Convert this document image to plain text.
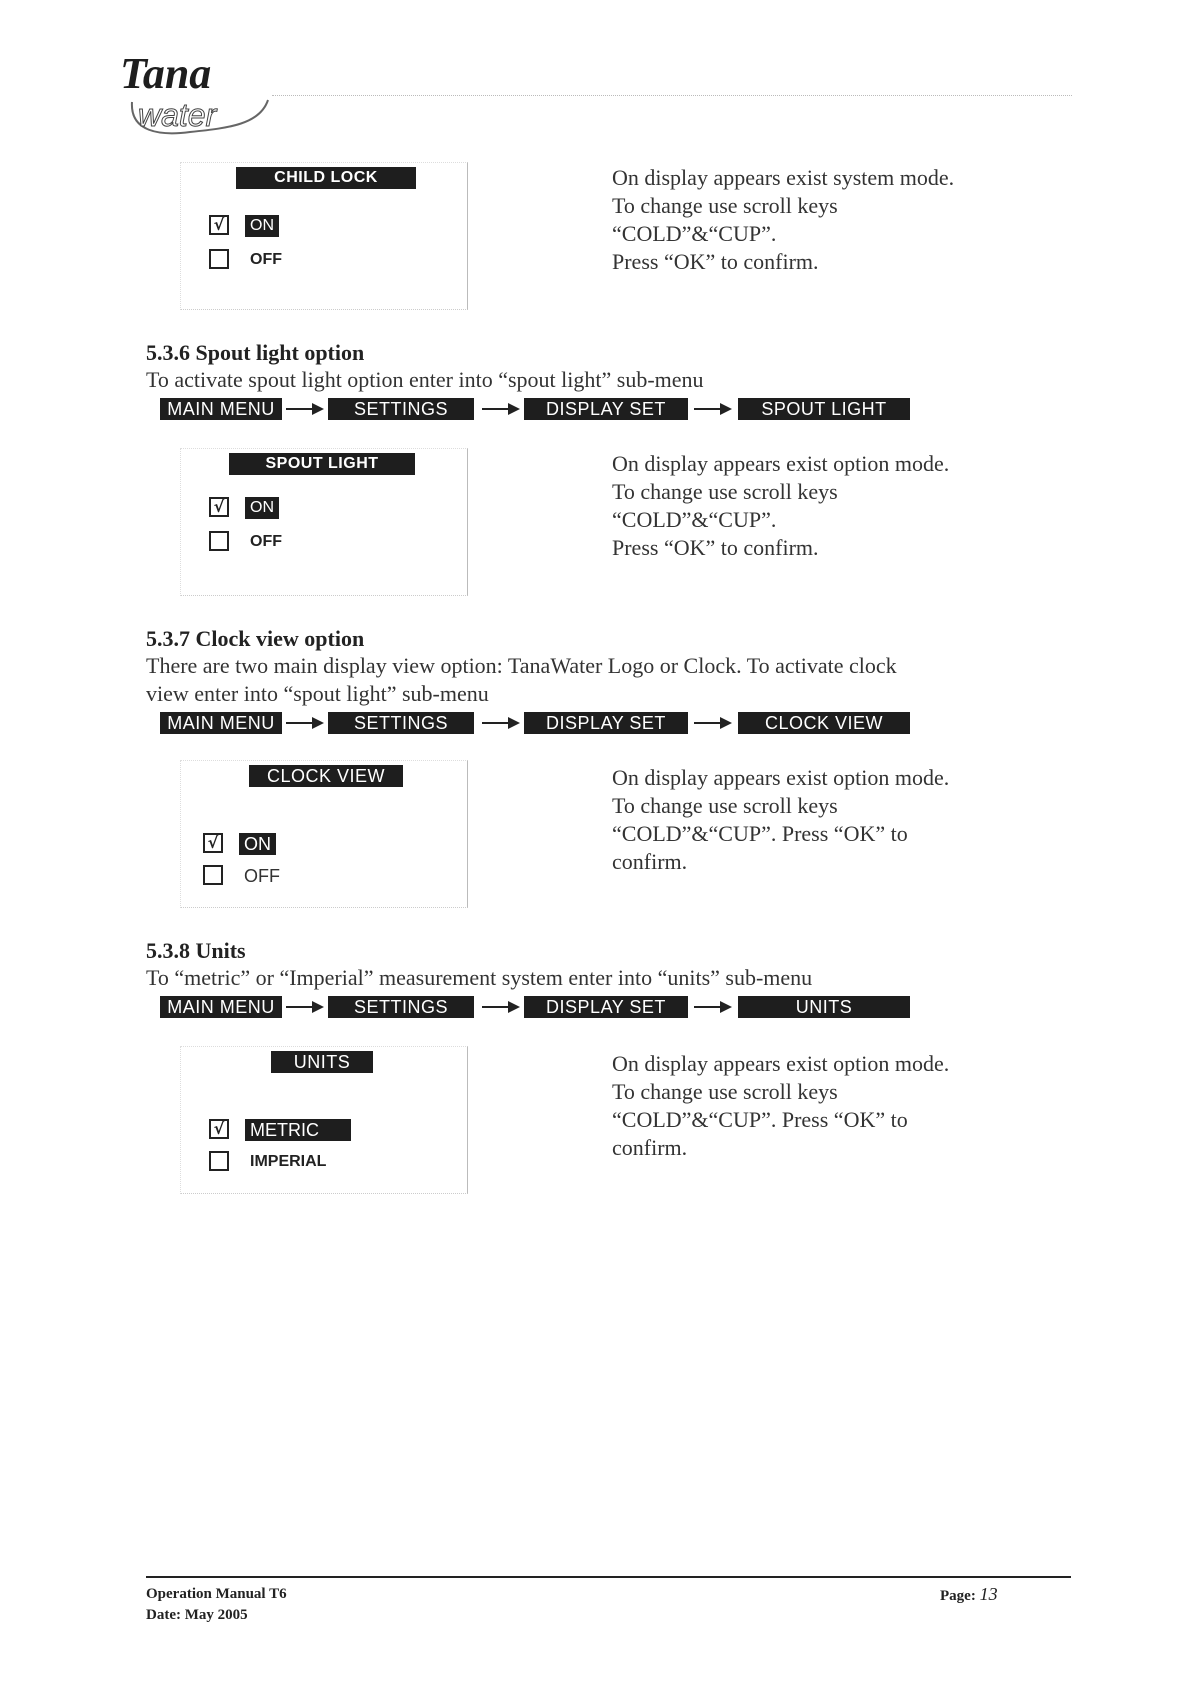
Tana
water
CHILD LOCK
√	ON
OFF

On display appears exist system mode.

To change use scroll keys

“COLD”&“CUP”.

Press “OK” to confirm.

5.3.6 Spout light option
To activate spout light option enter into “spout light” sub-menu
MAIN MENU	SETTINGS	DISPLAY SET	SPOUT LIGHT
SPOUT LIGHT
√	ON
OFF

On display appears exist option mode.

To change use scroll keys

“COLD”&“CUP”.

Press “OK” to confirm.

5.3.7 Clock view option
There are two main display view option: TanaWater Logo or Clock. To activate clock
view enter into “spout light” sub-menu
MAIN MENU	SETTINGS	DISPLAY SET	CLOCK VIEW
CLOCK VIEW
√ ON
OFF

On display appears exist option mode.

To change use scroll keys

“COLD”&“CUP”. Press “OK” to

confirm.

5.3.8 Units
To “metric” or “Imperial” measurement system enter into “units” sub-menu
MAIN MENU	SETTINGS	DISPLAY SET	UNITS
UNITS
√ METRIC
IMPERIAL

On display appears exist option mode.

To change use scroll keys

“COLD”&“CUP”. Press “OK” to

confirm.

Operation Manual T6
Date: May 2005
Page: 13
